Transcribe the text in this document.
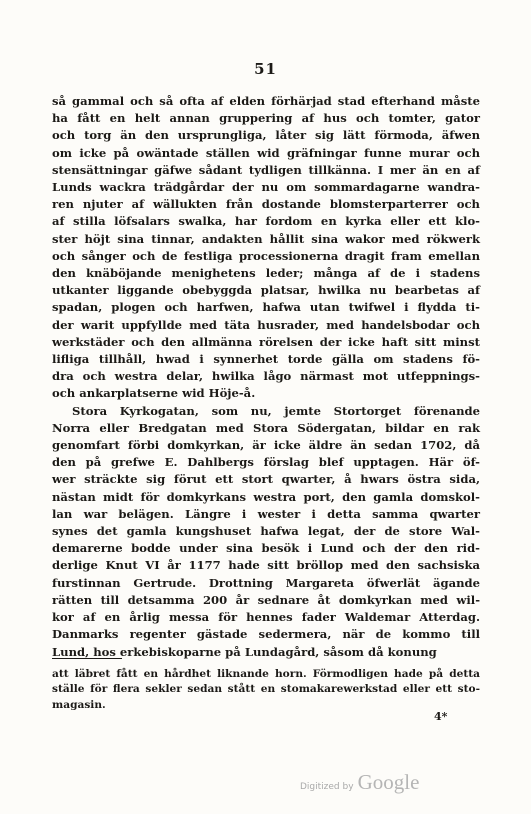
51
så gammal och så ofta af elden förhärjad stad efterhand måste
ha fått en helt annan gruppering af hus och tomter, gator
och torg än den ursprungliga, låter sig lätt förmoda, äfwen
om icke på owäntade ställen wid gräfningar funne murar och
stensättningar gäfwe sådant tydligen tillkänna. I mer än en af
Lunds wackra trädgårdar der nu om sommardagarne wandra-
ren njuter af wällukten från dostande blomsterparterrer och
af stilla löfsalars swalka, har fordom en kyrka eller ett klo-
ster höjt sina tinnar, andakten hållit sina wakor med rökwerk
och sånger och de festliga processionerna dragit fram emellan
den knäböjande menighetens leder; många af de i stadens
utkanter liggande obebyggda platsar, hwilka nu bearbetas af
spadan, plogen och harfwen, hafwa utan twifwel i flydda ti-
der warit uppfyllde med täta husrader, med handelsbodar och
werkstäder och den allmänna rörelsen der icke haft sitt minst
lifliga tillhåll, hwad i synnerhet torde gälla om stadens fö-
dra och westra delar, hwilka lågo närmast mot utfeppnings-
och ankarplatserne wid Höje-å.
Stora Kyrkogatan, som nu, jemte Stortorget förenande
Norra eller Bredgatan med Stora Södergatan, bildar en rak
genomfart förbi domkyrkan, är icke äldre än sedan 1702, då
den på grefwe E. Dahlbergs förslag blef upptagen. Här öf-
wer sträckte sig förut ett stort qwarter, å hwars östra sida,
nästan midt för domkyrkans westra port, den gamla domskol-
lan war belägen. Längre i wester i detta samma qwarter
synes det gamla kungshuset hafwa legat, der de store Wal-
demarerne bodde under sina besök i Lund och der den rid-
derlige Knut VI år 1177 hade sitt bröllop med den sachsiska
furstinnan Gertrude. Drottning Margareta öfwerlät ägande
rätten till detsamma 200 år sednare åt domkyrkan med wil-
kor af en årlig messa för hennes fader Waldemar Atterdag.
Danmarks regenter gästade sedermera, när de kommo till
Lund, hos erkebiskoparne på Lundagård, såsom då konung
att läbret fått en hårdhet liknande horn. Förmodligen hade på detta
ställe för flera sekler sedan stått en stomakarewerkstad eller ett sto-
magasin.
4*
Digitized by Google
